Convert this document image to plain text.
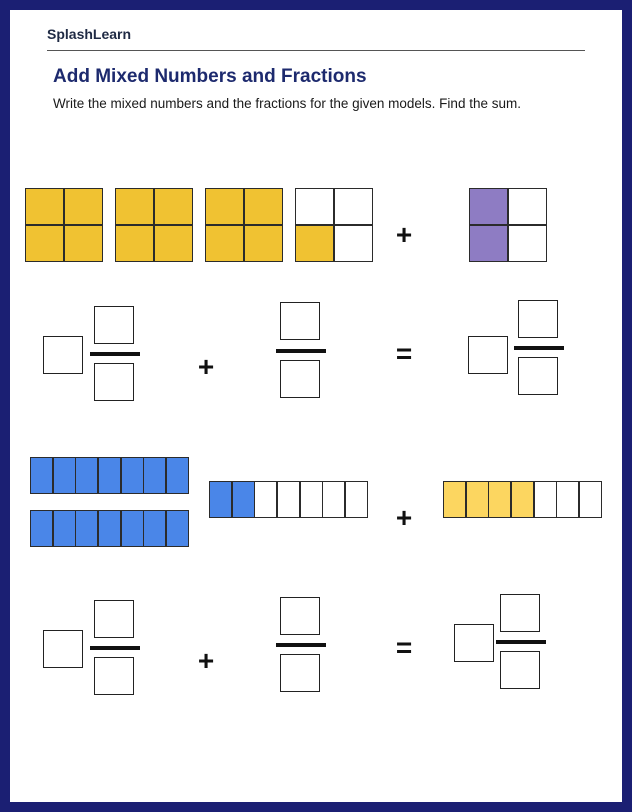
SplashLearn
Add Mixed Numbers and Fractions
Write the mixed numbers and the fractions for the given models. Find the sum.
+
+	=
+
+	=
